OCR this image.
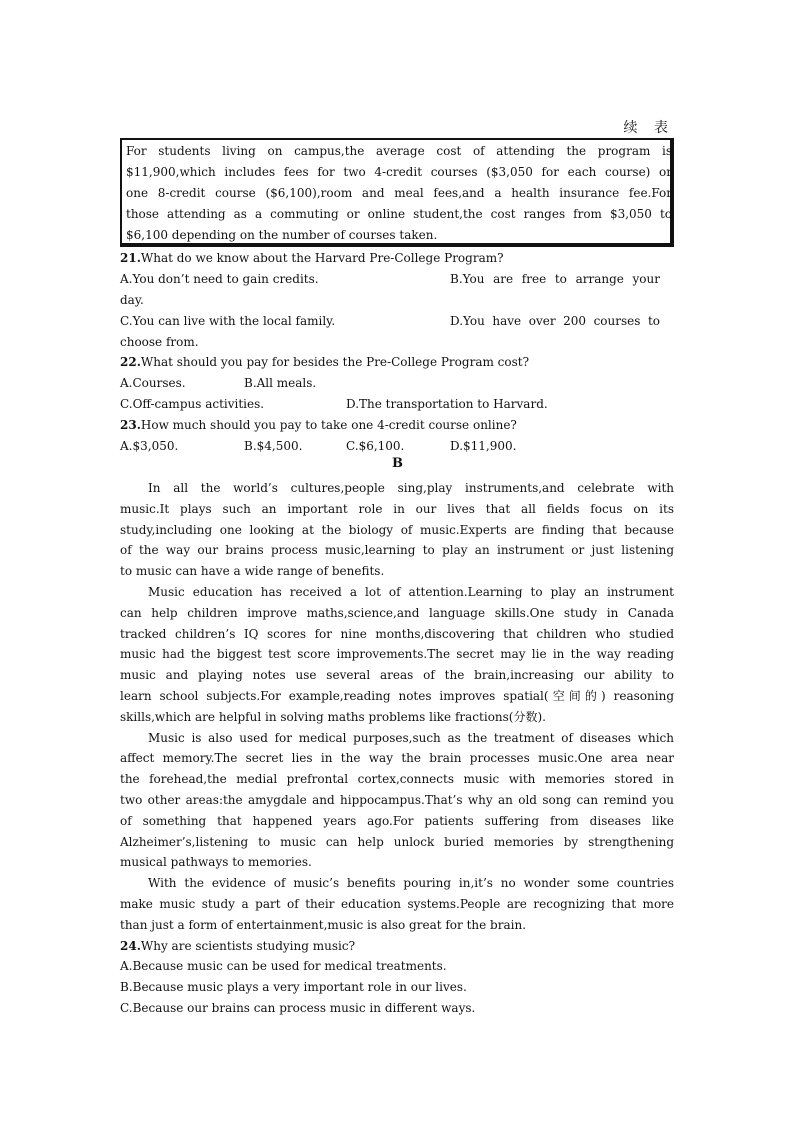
续 表
For students living on campus,the average cost of attending the program is
$11,900,which includes fees for two 4-credit courses ($3,050 for each course) or
one 8-credit course ($6,100),room and meal fees,and a health insurance fee.For
those attending as a commuting or online student,the cost ranges from $3,050 to
$6,100 depending on the number of courses taken.
21.What do we know about the Harvard Pre-College Program?
A.You don’t need to gain credits.	B.You are free to arrange your
day.
C.You can live with the local family.	D.You have over 200 courses to
choose from.
22.What should you pay for besides the Pre-College Program cost?
A.Courses.	B.All meals.
C.Off-campus activities.	D.The transportation to Harvard.
23.How much should you pay to take one 4-credit course online?
A.$3,050.	B.$4,500.	C.$6,100.	D.$11,900.
B
In all the world’s cultures,people sing,play instruments,and celebrate with
music.It plays such an important role in our lives that all fields focus on its
study,including one looking at the biology of music.Experts are finding that because
of the way our brains process music,learning to play an instrument or just listening
to music can have a wide range of benefits.
Music education has received a lot of attention.Learning to play an instrument
can help children improve maths,science,and language skills.One study in Canada
tracked children’s IQ scores for nine months,discovering that children who studied
music had the biggest test score improvements.The secret may lie in the way reading
music and playing notes use several areas of the brain,increasing our ability to
learn school subjects.For example,reading notes improves spatial(空间的) reasoning
skills,which are helpful in solving maths problems like fractions(分数).
Music is also used for medical purposes,such as the treatment of diseases which
affect memory.The secret lies in the way the brain processes music.One area near
the forehead,the medial prefrontal cortex,connects music with memories stored in
two other areas:the amygdale and hippocampus.That’s why an old song can remind you
of something that happened years ago.For patients suffering from diseases like
Alzheimer’s,listening to music can help unlock buried memories by strengthening
musical pathways to memories.
With the evidence of music’s benefits pouring in,it’s no wonder some countries
make music study a part of their education systems.People are recognizing that more
than just a form of entertainment,music is also great for the brain.
24.Why are scientists studying music?
A.Because music can be used for medical treatments.
B.Because music plays a very important role in our lives.
C.Because our brains can process music in different ways.
